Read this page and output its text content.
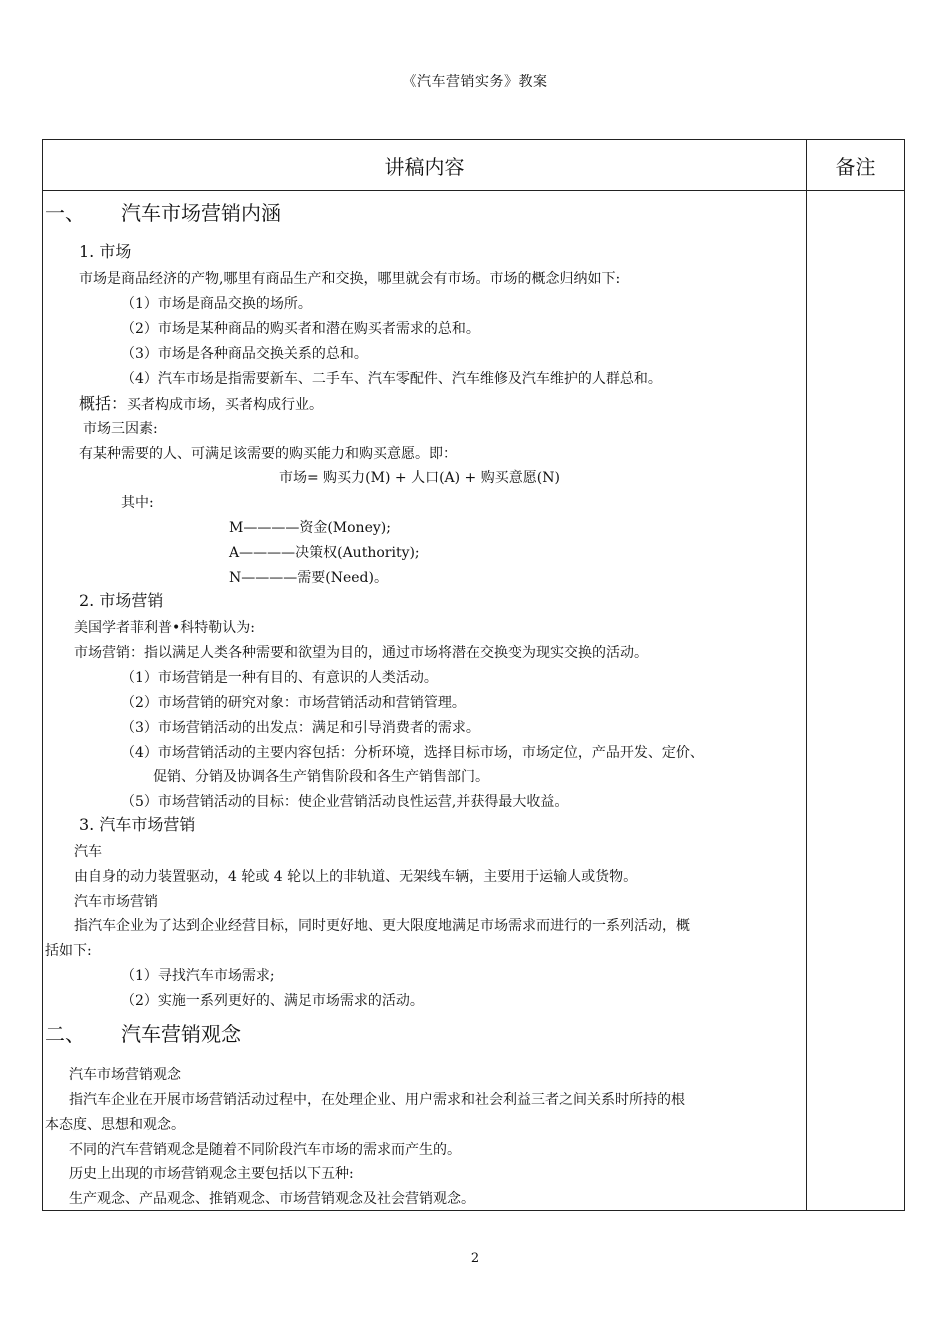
《汽车营销实务》教案
讲稿内容	备注
一、 汽车市场营销内涵
1. 市场
市场是商品经济的产物,哪里有商品生产和交换，哪里就会有市场。市场的概念归纳如下:
（1）市场是商品交换的场所。
（2）市场是某种商品的购买者和潜在购买者需求的总和。
（3）市场是各种商品交换关系的总和。
（4）汽车市场是指需要新车、二手车、汽车零配件、汽车维修及汽车维护的人群总和。
概括：买者构成市场，买者构成行业。
市场三因素:
有某种需要的人、可满足该需要的购买能力和购买意愿。即：
市场= 购买力(M) + 人口(A) + 购买意愿(N)
其中:
M————资金(Money);
A————决策权(Authority);
N————需要(Need)。
2. 市场营销
美国学者菲利普•科特勒认为:
市场营销：指以满足人类各种需要和欲望为目的，通过市场将潜在交换变为现实交换的活动。
（1）市场营销是一种有目的、有意识的人类活动。
（2）市场营销的研究对象：市场营销活动和营销管理。
（3）市场营销活动的出发点：满足和引导消费者的需求。
（4）市场营销活动的主要内容包括：分析环境，选择目标市场，市场定位，产品开发、定价、
促销、分销及协调各生产销售阶段和各生产销售部门。
（5）市场营销活动的目标：使企业营销活动良性运营,并获得最大收益。
3. 汽车市场营销
汽车
由自身的动力装置驱动，4 轮或 4 轮以上的非轨道、无架线车辆，主要用于运输人或货物。
汽车市场营销
指汽车企业为了达到企业经营目标，同时更好地、更大限度地满足市场需求而进行的一系列活动，概
括如下:
（1）寻找汽车市场需求;
（2）实施一系列更好的、满足市场需求的活动。
二、 汽车营销观念
汽车市场营销观念
指汽车企业在开展市场营销活动过程中，在处理企业、用户需求和社会利益三者之间关系时所持的根
本态度、思想和观念。
不同的汽车营销观念是随着不同阶段汽车市场的需求而产生的。
历史上出现的市场营销观念主要包括以下五种:
生产观念、产品观念、推销观念、市场营销观念及社会营销观念。
2
